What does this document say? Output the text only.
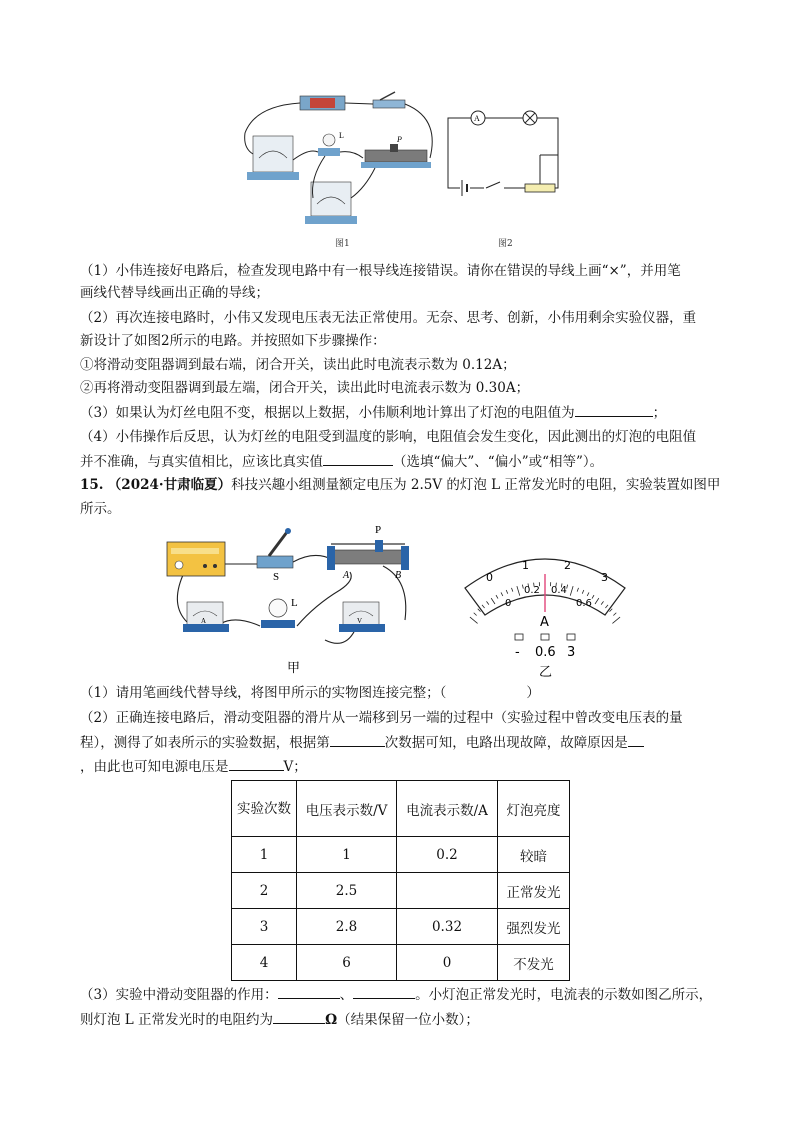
L	P
图1
A
图2
（1）小伟连接好电路后，检查发现电路中有一根导线连接错误。请你在错误的导线上画“×”，并用笔
画线代替导线画出正确的导线；
（2）再次连接电路时，小伟又发现电压表无法正常使用。无奈、思考、创新，小伟用剩余实验仪器，重
新设计了如图2所示的电路。并按照如下步骤操作：
①将滑动变阻器调到最右端，闭合开关，读出此时电流表示数为 0.12A；
②再将滑动变阻器调到最左端，闭合开关，读出此时电流表示数为 0.30A；
（3）如果认为灯丝电阻不变，根据以上数据，小伟顺利地计算出了灯泡的电阻值为	；
（4）小伟操作后反思，认为灯丝的电阻受到温度的影响，电阻值会发生变化，因此测出的灯泡的电阻值
并不准确，与真实值相比，应该比真实值	（选填“偏大”、“偏小”或“相等”）。
15. （2024·甘肃临夏）科技兴趣小组测量额定电压为 2.5V 的灯泡 L 正常发光时的电阻，实验装置如图甲
所示。
S
P
A	B
A
L
V
甲
0
1	2
3
0
0.2 0.4
0.6
A
- 0.6 3
乙
（1）请用笔画线代替导线，将图甲所示的实物图连接完整；（	）
（2）正确连接电路后，滑动变阻器的滑片从一端移到另一端的过程中（实验过程中曾改变电压表的量
程），测得了如表所示的实验数据，根据第	次数据可知，电路出现故障，故障原因是
，由此也可知电源电压是	V；
实验次数	电压表示数/V	电流表示数/A	灯泡亮度
1	1	0.2	较暗
2	2.5		正常发光
3	2.8	0.32	强烈发光
4	6	0	不发光
（3）实验中滑动变阻器的作用：	、	。小灯泡正常发光时，电流表的示数如图乙所示，
则灯泡 L 正常发光时的电阻约为	Ω（结果保留一位小数）；
